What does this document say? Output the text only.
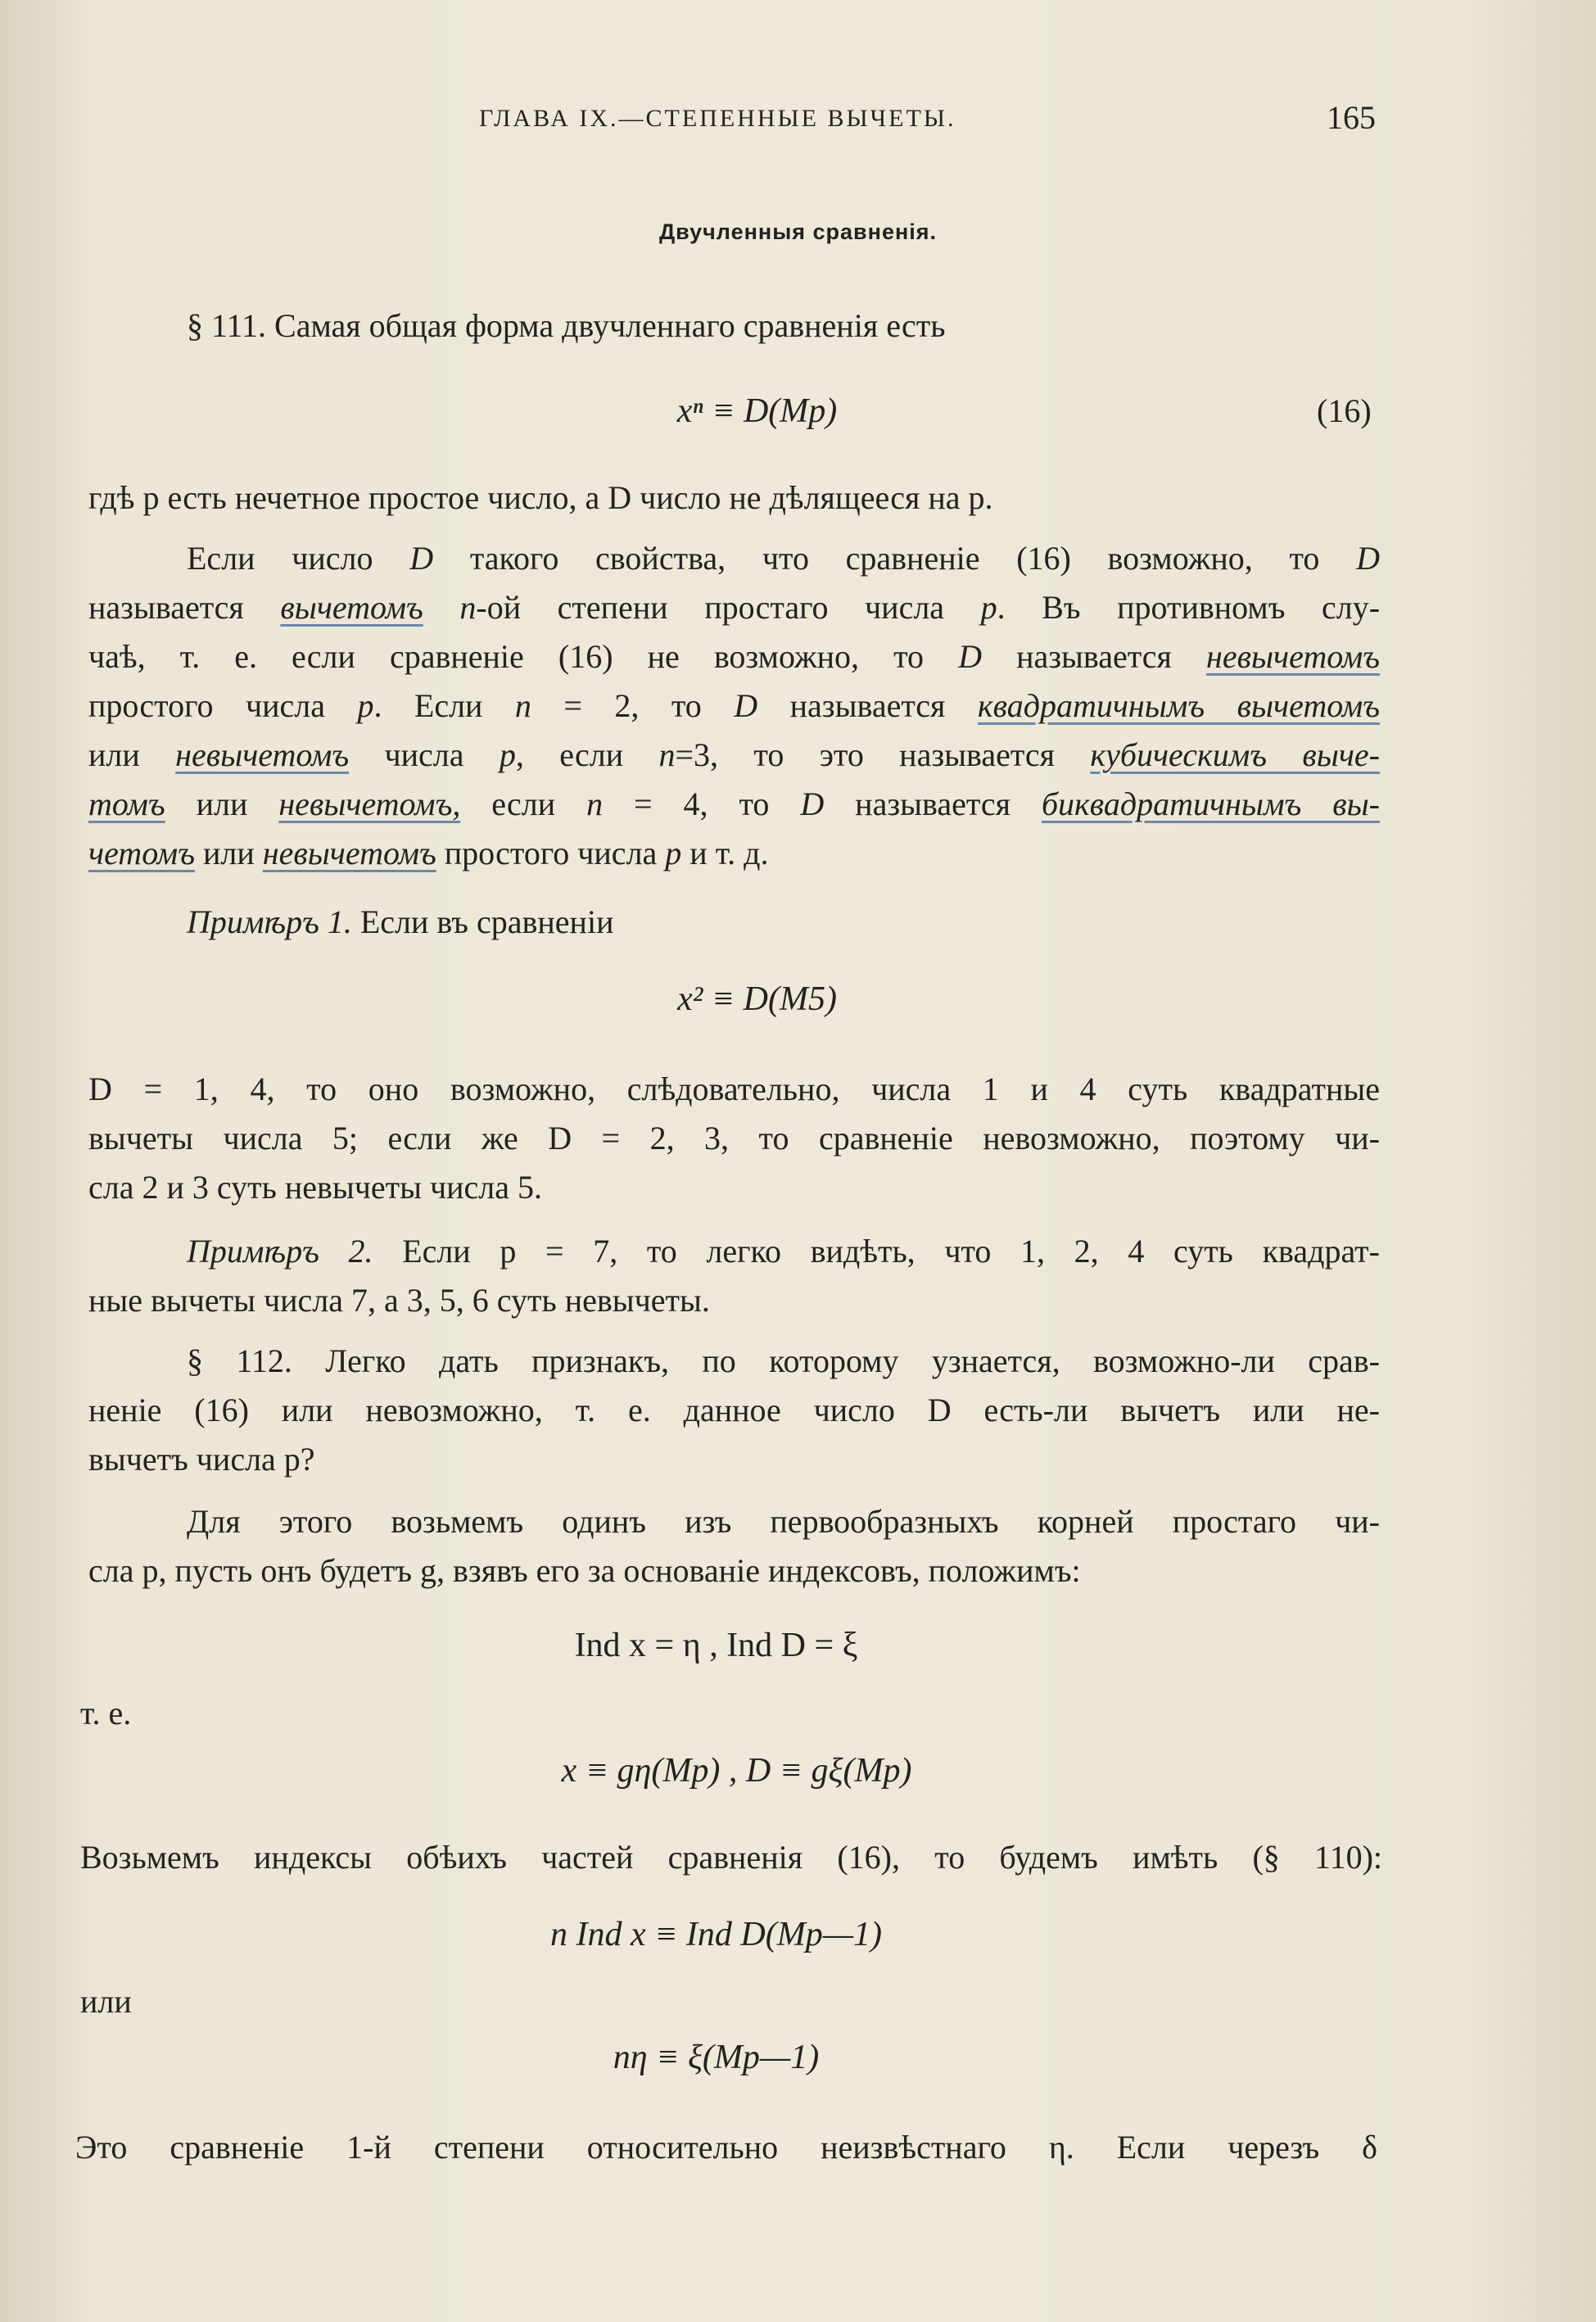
ГЛАВА IX.—СТЕПЕННЫЕ ВЫЧЕТЫ.	165
Двучленныя сравненія.
§ 111. Самая общая форма двучленнаго сравненія есть
xⁿ ≡ D(Mp)	(16)
гдѣ p есть нечетное простое число, а D число не дѣлящееся на p.
Если число D такого свойства, что сравненіе (16) возможно, то D
называется вычетомъ n-ой степени простаго числа p. Въ противномъ слу-
чаѣ, т. е. если сравненіе (16) не возможно, то D называется невычетомъ
простого числа p. Если n = 2, то D называется квадратичнымъ вычетомъ
или невычетомъ числа p, если n=3, то это называется кубическимъ выче-
томъ или невычетомъ, если n = 4, то D называется биквадратичнымъ вы-
четомъ или невычетомъ простого числа p и т. д.
Примѣръ 1. Если въ сравненіи
x² ≡ D(M5)
D = 1, 4, то оно возможно, слѣдовательно, числа 1 и 4 суть квадратные
вычеты числа 5; если же D = 2, 3, то сравненіе невозможно, поэтому чи-
сла 2 и 3 суть невычеты числа 5.
Примѣръ 2. Если p = 7, то легко видѣть, что 1, 2, 4 суть квадрат-
ные вычеты числа 7, а 3, 5, 6 суть невычеты.
§ 112. Легко дать признакъ, по которому узнается, возможно-ли срав-
неніе (16) или невозможно, т. е. данное число D есть-ли вычетъ или не-
вычетъ числа p?
Для этого возьмемъ одинъ изъ первообразныхъ корней простаго чи-
сла p, пусть онъ будетъ g, взявъ его за основаніе индексовъ, положимъ:
Ind x = η , Ind D = ξ
т. е.
x ≡ gη(Mp) , D ≡ gξ(Mp)
Возьмемъ индексы обѣихъ частей сравненія (16), то будемъ имѣть (§ 110):
n Ind x ≡ Ind D(Mp—1)
или
nη ≡ ξ(Mp—1)
Это сравненіе 1-й степени относительно неизвѣстнаго η. Если черезъ δ
